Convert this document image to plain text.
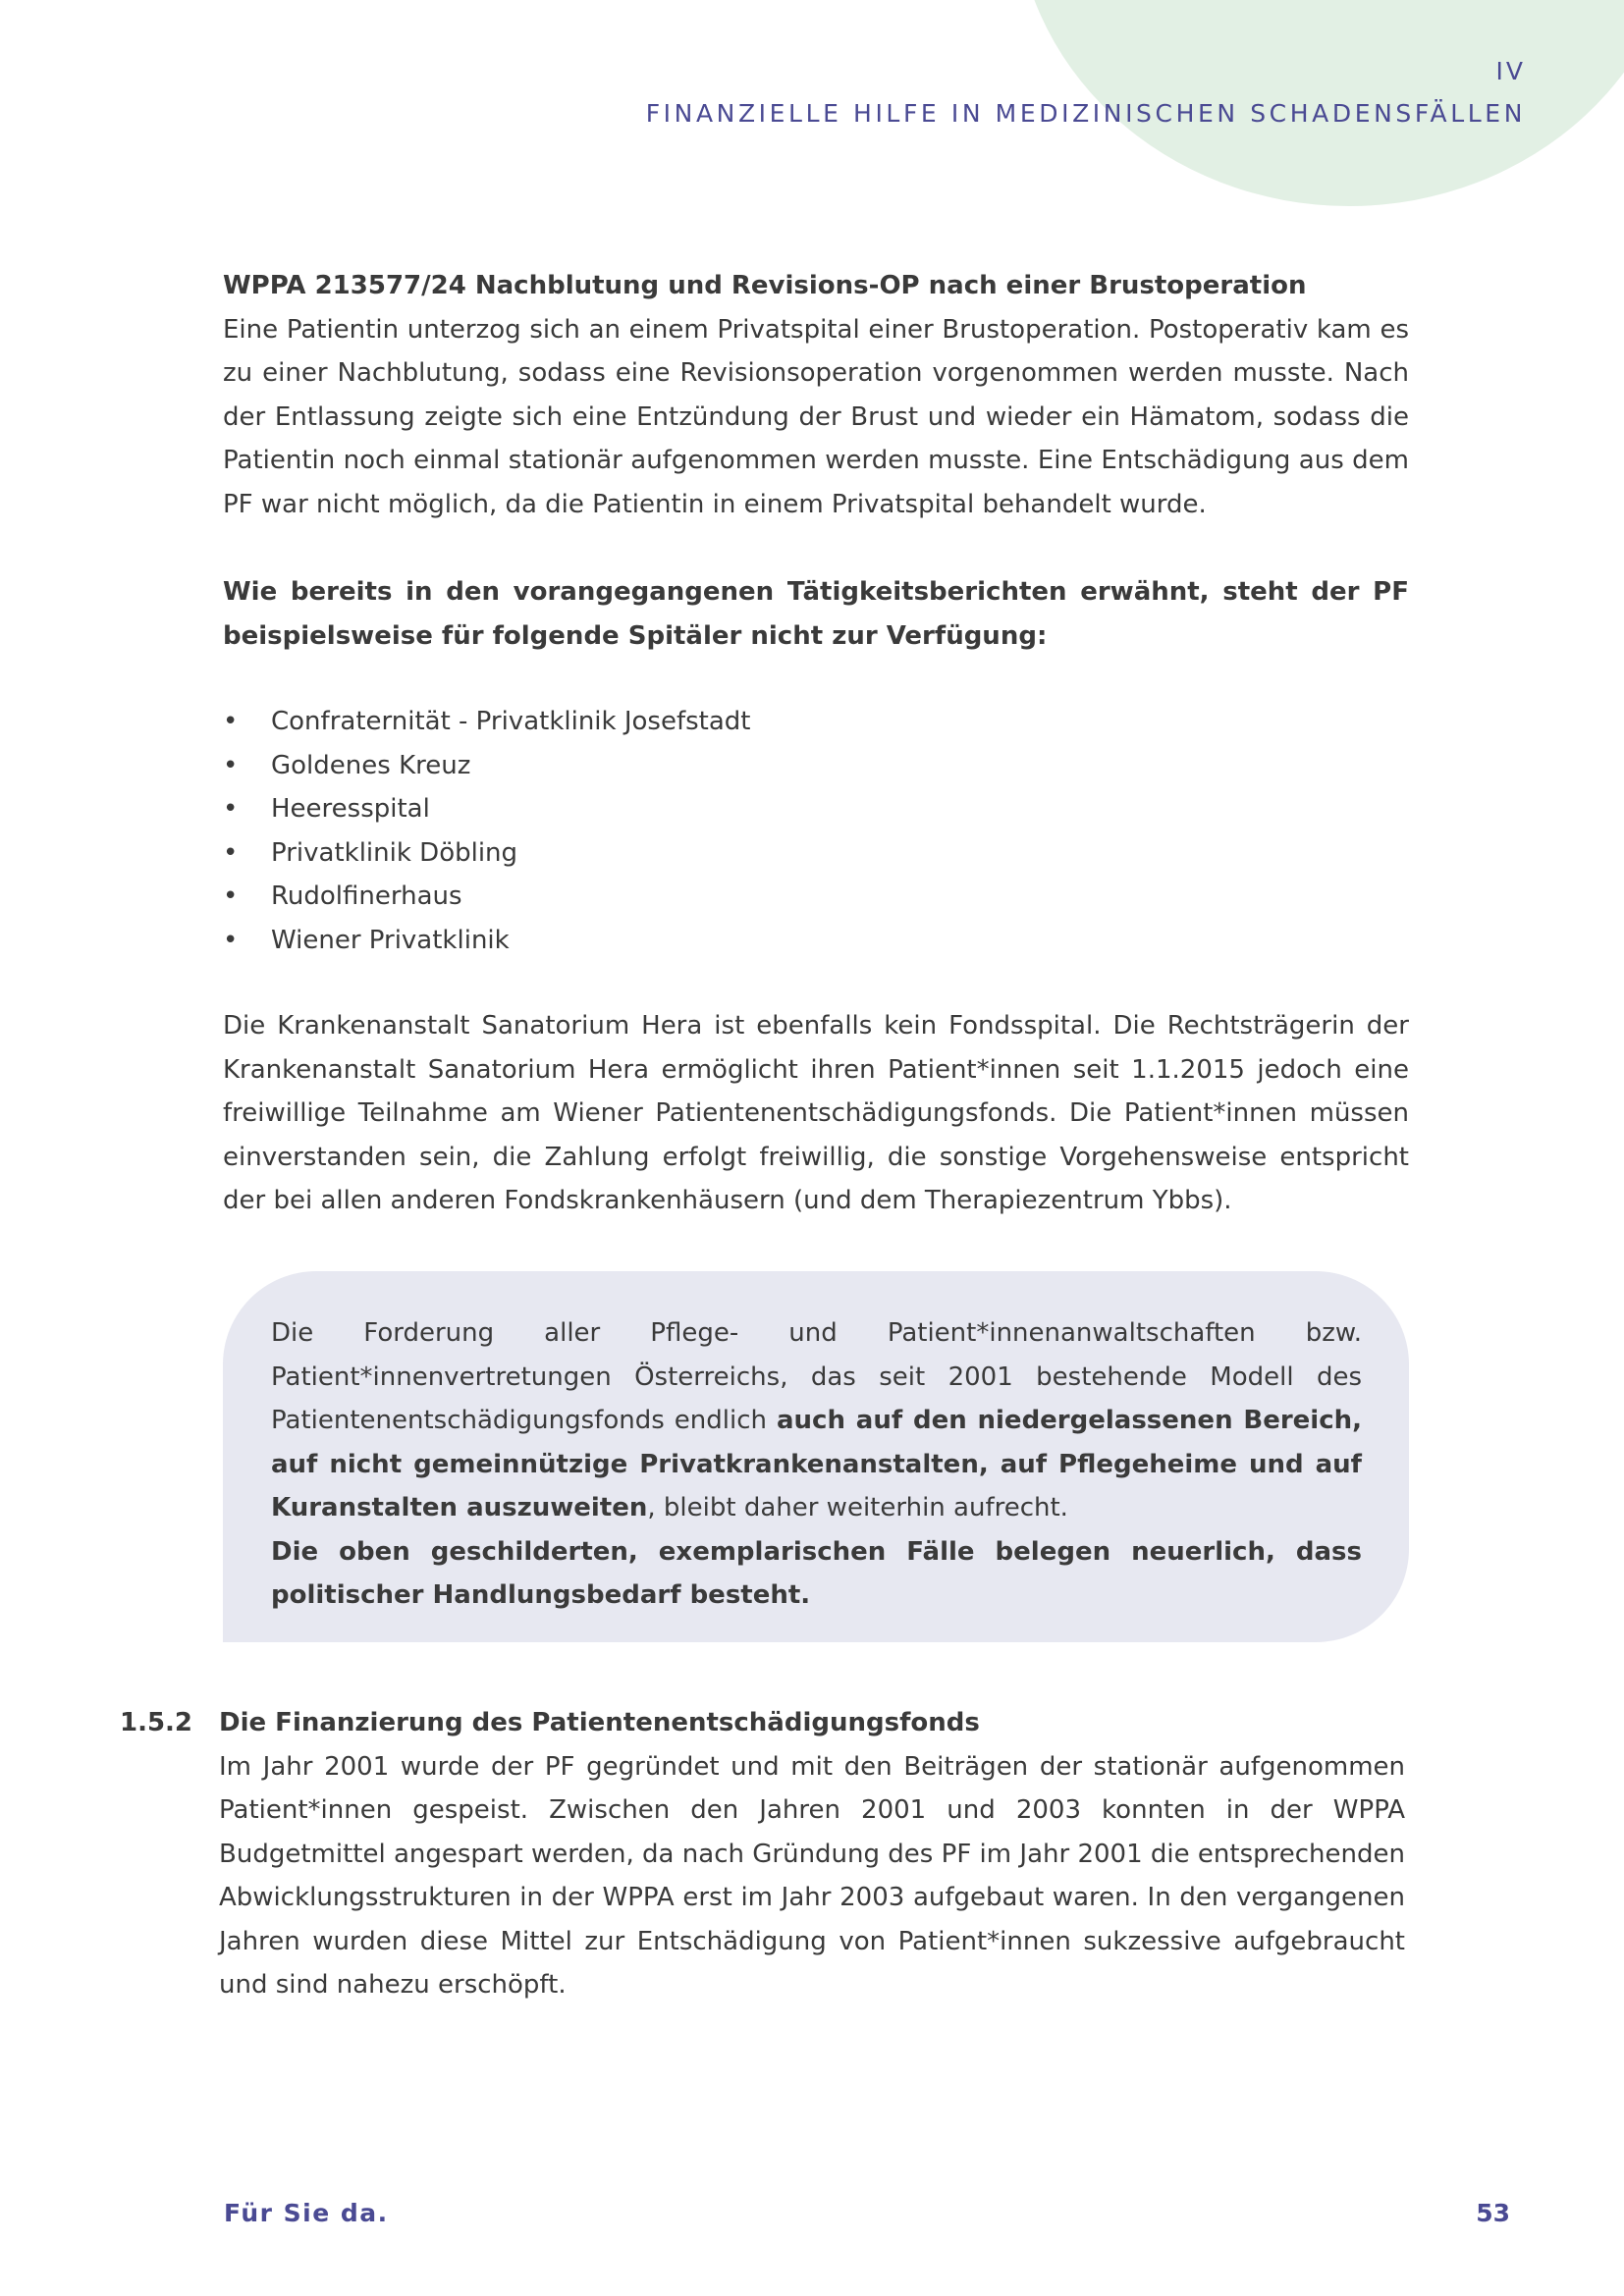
IV
FINANZIELLE HILFE IN MEDIZINISCHEN SCHADENSFÄLLEN
WPPA 213577/24 Nachblutung und Revisions-OP nach einer Brustoperation
Eine Patientin unterzog sich an einem Privatspital einer Brustoperation. Postoperativ kam es zu einer Nachblutung, sodass eine Revisionsoperation vorgenommen werden musste. Nach der Entlassung zeigte sich eine Entzündung der Brust und wieder ein Hämatom, sodass die Patientin noch einmal stationär aufgenommen werden musste. Eine Entschädigung aus dem PF war nicht möglich, da die Patientin in einem Privatspital behandelt wurde.
Wie bereits in den vorangegangenen Tätigkeitsberichten erwähnt, steht der PF beispielsweise für folgende Spitäler nicht zur Verfügung:
• Confraternität - Privatklinik Josefstadt
• Goldenes Kreuz
• Heeresspital
• Privatklinik Döbling
• Rudolfinerhaus
• Wiener Privatklinik
Die Krankenanstalt Sanatorium Hera ist ebenfalls kein Fondsspital. Die Rechtsträgerin der Krankenanstalt Sanatorium Hera ermöglicht ihren Patient*innen seit 1.1.2015 jedoch eine freiwillige Teilnahme am Wiener Patientenentschädigungsfonds. Die Patient*innen müssen einverstanden sein, die Zahlung erfolgt freiwillig, die sonstige Vorgehensweise entspricht der bei allen anderen Fondskrankenhäusern (und dem Therapiezentrum Ybbs).

Die Forderung aller Pflege- und Patient*innenanwaltschaften bzw. Patient*innenvertretungen Österreichs, das seit 2001 bestehende Modell des Patientenentschädigungsfonds endlich auch auf den niedergelassenen Bereich, auf nicht gemeinnützige Privatkrankenanstalten, auf Pflegeheime und auf Kuranstalten auszuweiten, bleibt daher weiterhin aufrecht.

Die oben geschilderten, exemplarischen Fälle belegen neuerlich, dass politischer Handlungsbedarf besteht.

1.5.2 Die Finanzierung des Patientenentschädigungsfonds
Im Jahr 2001 wurde der PF gegründet und mit den Beiträgen der stationär aufgenommen Patient*innen gespeist. Zwischen den Jahren 2001 und 2003 konnten in der WPPA Budgetmittel angespart werden, da nach Gründung des PF im Jahr 2001 die entsprechenden Abwicklungsstrukturen in der WPPA erst im Jahr 2003 aufgebaut waren. In den vergangenen Jahren wurden diese Mittel zur Entschädigung von Patient*innen sukzessive aufgebraucht und sind nahezu erschöpft.
Für Sie da.	53
